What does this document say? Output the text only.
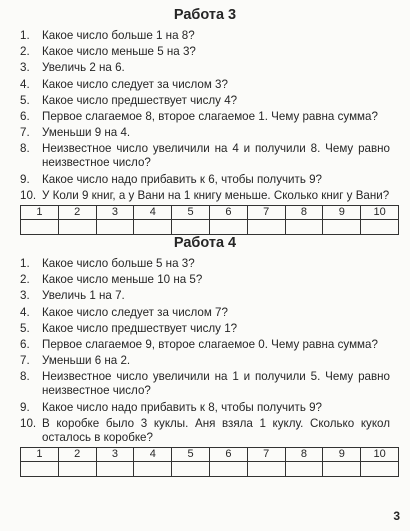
Работа 3
1.	Какое число больше 1 на 8?
2.	Какое число меньше 5 на 3?
3.	Увеличь 2 на 6.
4.	Какое число следует за числом 3?
5.	Какое число предшествует числу 4?
6.	Первое слагаемое 8, второе слагаемое 1. Чему равна сумма?
7.	Уменьши 9 на 4.
8.	Неизвестное число увеличили на 4 и получили 8. Чему равно неизвестное число?
9.	Какое число надо прибавить к 6, чтобы получить 9?
10. У Коли 9 книг, а у Вани на 1 книгу меньше. Сколько книг у Вани?
1	2	3	4	5	6	7	8	9	10

Работа 4
1.	Какое число больше 5 на 3?
2.	Какое число меньше 10 на 5?
3.	Увеличь 1 на 7.
4.	Какое число следует за числом 7?
5.	Какое число предшествует числу 1?
6.	Первое слагаемое 9, второе слагаемое 0. Чему равна сумма?
7.	Уменьши 6 на 2.
8.	Неизвестное число увеличили на 1 и получили 5. Чему равно неизвестное число?
9.	Какое число надо прибавить к 8, чтобы получить 9?
10. В коробке было 3 куклы. Аня взяла 1 куклу. Сколько кукол осталось в коробке?
1	2	3	4	5	6	7	8	9	10

3
